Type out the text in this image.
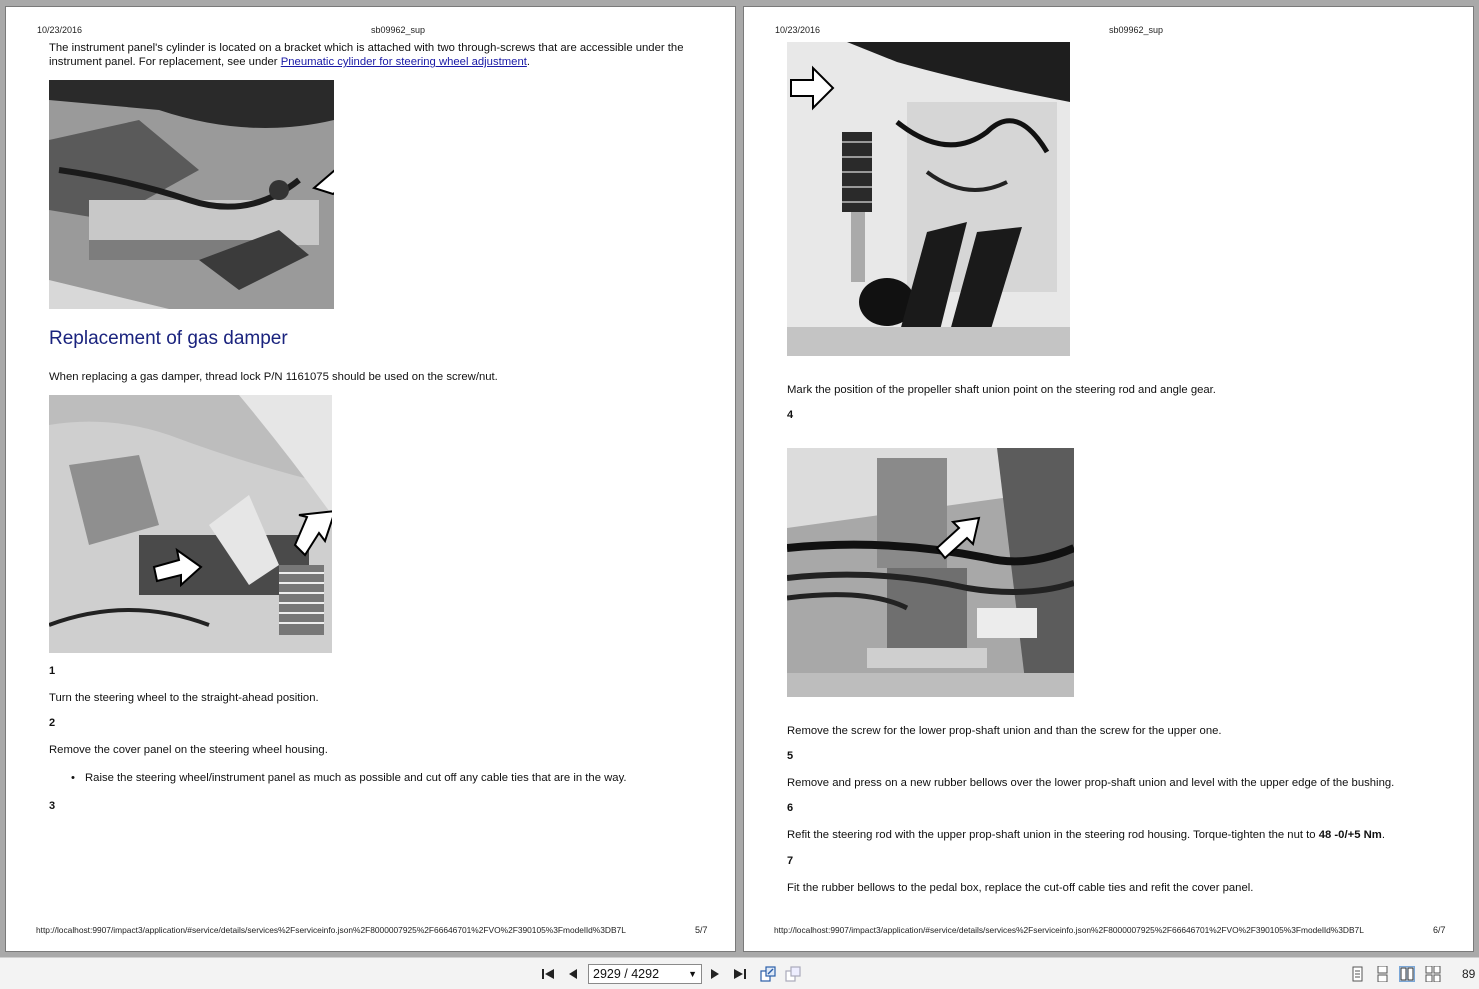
10/23/2016	sb09962_sup
The instrument panel's cylinder is located on a bracket which is attached with two through-screws that are accessible under the instrument panel. For replacement, see under Pneumatic cylinder for steering wheel adjustment.
Replacement of gas damper
When replacing a gas damper, thread lock P/N 1161075 should be used on the screw/nut.
1
Turn the steering wheel to the straight-ahead position.
2
Remove the cover panel on the steering wheel housing.
• Raise the steering wheel/instrument panel as much as possible and cut off any cable ties that are in the way.
3
http://localhost:9907/impact3/application/#service/details/services%2Fserviceinfo.json%2F8000007925%2F66646701%2FVO%2F390105%3FmodelId%3DB7L	5/7
10/23/2016	sb09962_sup
Mark the position of the propeller shaft union point on the steering rod and angle gear.
4
Remove the screw for the lower prop-shaft union and than the screw for the upper one.
5
Remove and press on a new rubber bellows over the lower prop-shaft union and level with the upper edge of the bushing.
6
Refit the steering rod with the upper prop-shaft union in the steering rod housing. Torque-tighten the nut to 48 -0/+5 Nm.
7
Fit the rubber bellows to the pedal box, replace the cut-off cable ties and refit the cover panel.
http://localhost:9907/impact3/application/#service/details/services%2Fserviceinfo.json%2F8000007925%2F66646701%2FVO%2F390105%3FmodelId%3DB7L	6/7
2929 / 4292	▼	89
